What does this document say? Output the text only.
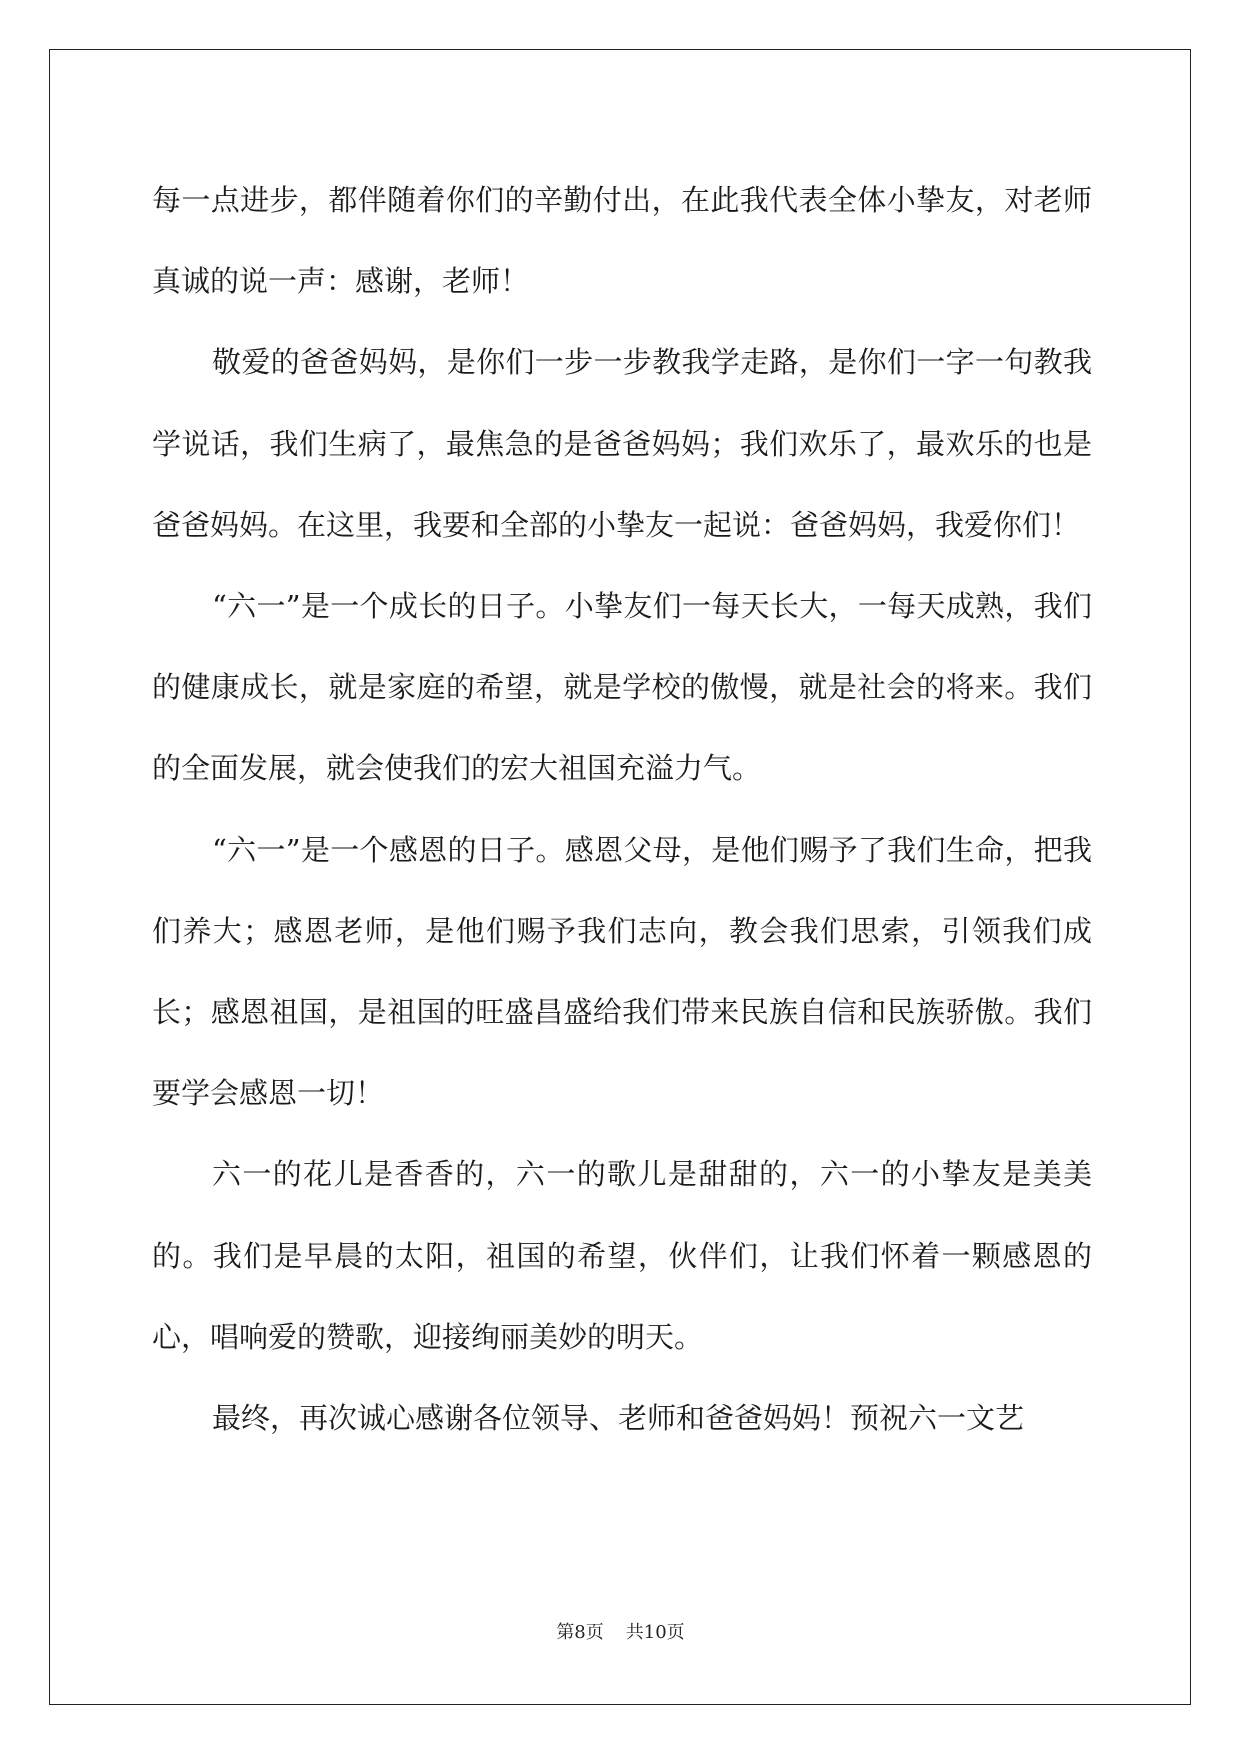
每一点进步，都伴随着你们的辛勤付出，在此我代表全体小挚友，对老师真诚的说一声：感谢，老师！

敬爱的爸爸妈妈，是你们一步一步教我学走路，是你们一字一句教我学说话，我们生病了，最焦急的是爸爸妈妈；我们欢乐了，最欢乐的也是爸爸妈妈。在这里，我要和全部的小挚友一起说：爸爸妈妈，我爱你们！

“六一”是一个成长的日子。小挚友们一每天长大，一每天成熟，我们的健康成长，就是家庭的希望，就是学校的傲慢，就是社会的将来。我们的全面发展，就会使我们的宏大祖国充溢力气。

“六一”是一个感恩的日子。感恩父母，是他们赐予了我们生命，把我们养大；感恩老师，是他们赐予我们志向，教会我们思索，引领我们成长；感恩祖国，是祖国的旺盛昌盛给我们带来民族自信和民族骄傲。我们要学会感恩一切！

六一的花儿是香香的，六一的歌儿是甜甜的，六一的小挚友是美美的。我们是早晨的太阳，祖国的希望，伙伴们，让我们怀着一颗感恩的心，唱响爱的赞歌，迎接绚丽美妙的明天。

最终，再次诚心感谢各位领导、老师和爸爸妈妈！预祝六一文艺

第8页 共10页
